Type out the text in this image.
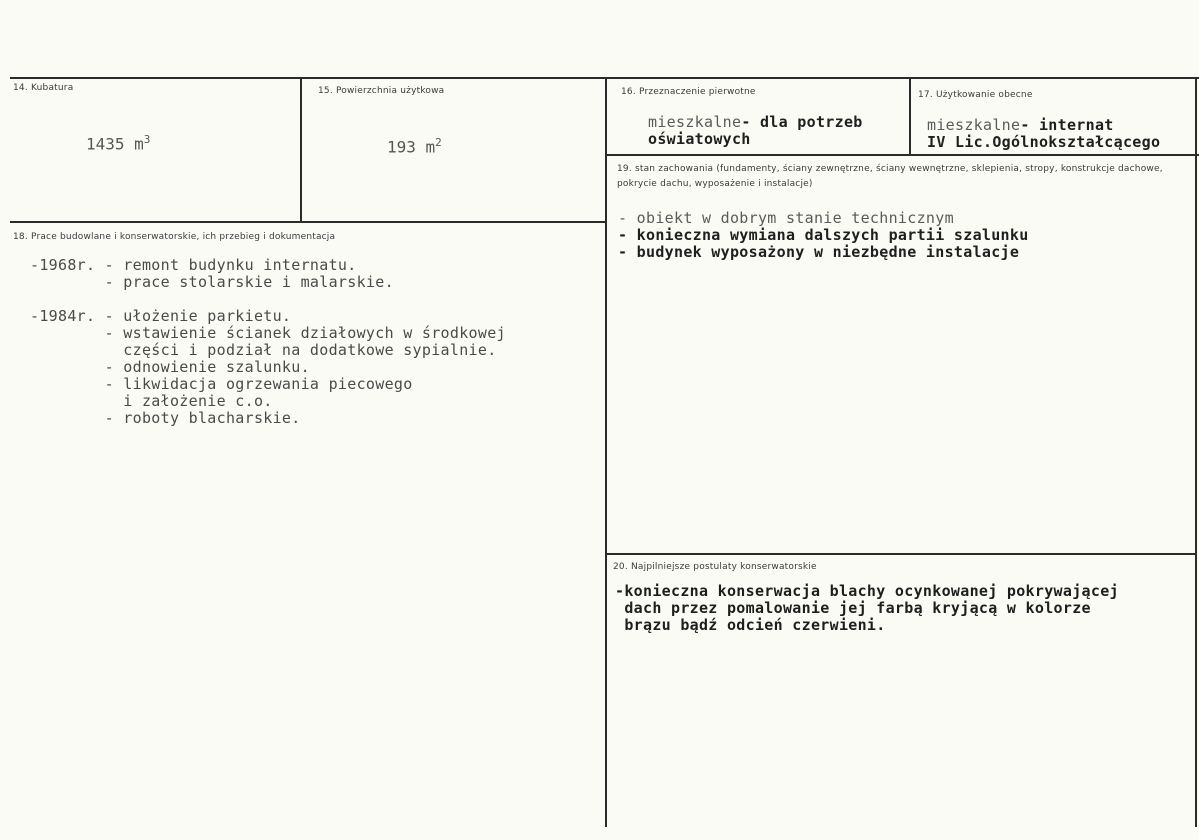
14. Kubatura
1435 $m^3$
15. Powierzchnia użytkowa
193 $m^2$
16. Przeznaczenie pierwotne
mieszkalne- dla potrzeb
oświatowych
17. Użytkowanie obecne
mieszkalne- internat
IV Lic.Ogólnokształcącego
18. Prace budowlane i konserwatorskie, ich przebieg i dokumentacja
-1968r. - remont budynku internatu.
- prace stolarskie i malarskie.
-1984r. - ułożenie parkietu.
- wstawienie ścianek działowych w środkowej
części i podział na dodatkowe sypialnie.
- odnowienie szalunku.
- likwidacja ogrzewania piecowego
i założenie c.o.
- roboty blacharskie.
19. stan zachowania (fundamenty, ściany zewnętrzne, ściany wewnętrzne, sklepienia, stropy, konstrukcje dachowe, pokrycie dachu, wyposażenie i instalacje)
- obiekt w dobrym stanie technicznym
- konieczna wymiana dalszych partii szalunku
- budynek wyposażony w niezbędne instalacje
20. Najpilniejsze postulaty konserwatorskie
-konieczna konserwacja blachy ocynkowanej pokrywającej
dach przez pomalowanie jej farbą kryjącą w kolorze
brązu bądź odcień czerwieni.
